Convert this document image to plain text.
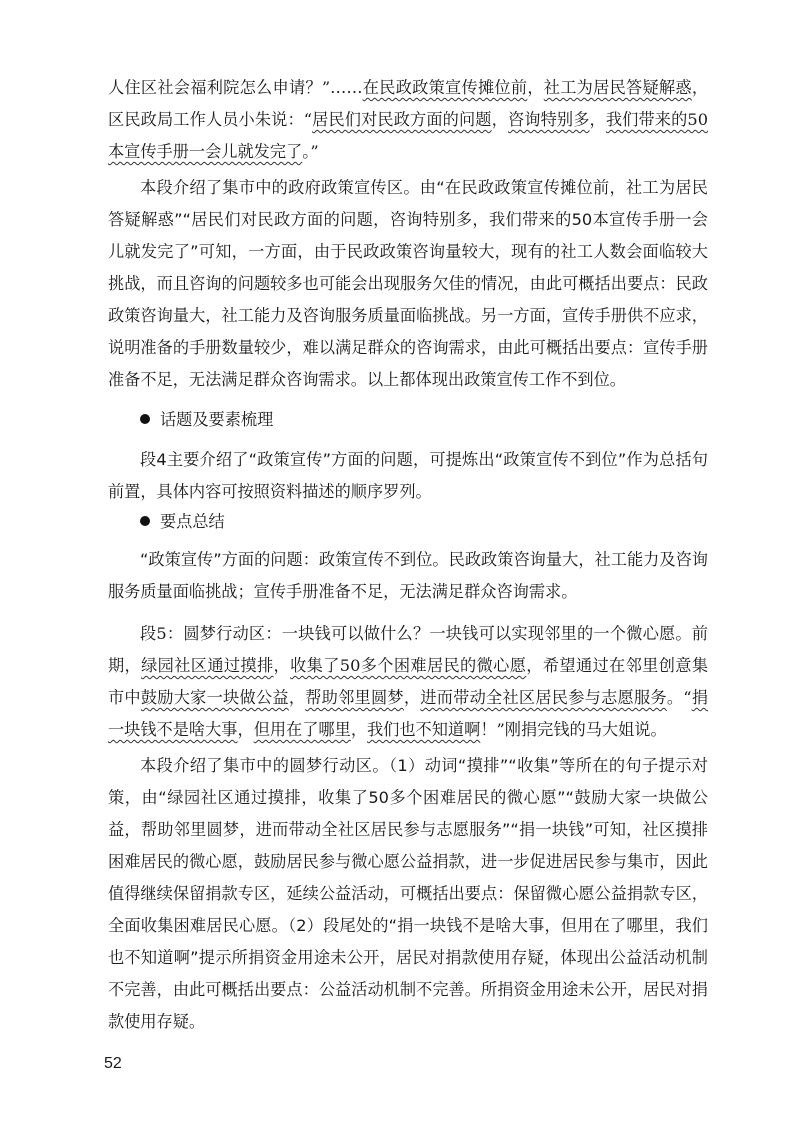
人住区社会福利院怎么申请？”……在民政政策宣传摊位前，社工为居民答疑解惑，区民政局工作人员小朱说：“居民们对民政方面的问题，咨询特别多，我们带来的50本宣传手册一会儿就发完了。”

本段介绍了集市中的政府政策宣传区。由“在民政政策宣传摊位前，社工为居民答疑解惑”“居民们对民政方面的问题，咨询特别多，我们带来的50本宣传手册一会儿就发完了”可知，一方面，由于民政政策咨询量较大，现有的社工人数会面临较大挑战，而且咨询的问题较多也可能会出现服务欠佳的情况，由此可概括出要点：民政政策咨询量大，社工能力及咨询服务质量面临挑战。另一方面，宣传手册供不应求，说明准备的手册数量较少，难以满足群众的咨询需求，由此可概括出要点：宣传手册准备不足，无法满足群众咨询需求。以上都体现出政策宣传工作不到位。

话题及要素梳理

段4主要介绍了“政策宣传”方面的问题，可提炼出“政策宣传不到位”作为总括句前置，具体内容可按照资料描述的顺序罗列。

要点总结

“政策宣传”方面的问题：政策宣传不到位。民政政策咨询量大，社工能力及咨询服务质量面临挑战；宣传手册准备不足，无法满足群众咨询需求。

段5：圆梦行动区：一块钱可以做什么？一块钱可以实现邻里的一个微心愿。前期，绿园社区通过摸排，收集了50多个困难居民的微心愿，希望通过在邻里创意集市中鼓励大家一块做公益，帮助邻里圆梦，进而带动全社区居民参与志愿服务。“捐一块钱不是啥大事，但用在了哪里，我们也不知道啊！”刚捐完钱的马大姐说。

本段介绍了集市中的圆梦行动区。（1）动词“摸排”“收集”等所在的句子提示对策，由“绿园社区通过摸排，收集了50多个困难居民的微心愿”“鼓励大家一块做公益，帮助邻里圆梦，进而带动全社区居民参与志愿服务”“捐一块钱”可知，社区摸排困难居民的微心愿，鼓励居民参与微心愿公益捐款，进一步促进居民参与集市，因此值得继续保留捐款专区，延续公益活动，可概括出要点：保留微心愿公益捐款专区，全面收集困难居民心愿。（2）段尾处的“捐一块钱不是啥大事，但用在了哪里，我们也不知道啊”提示所捐资金用途未公开，居民对捐款使用存疑，体现出公益活动机制不完善，由此可概括出要点：公益活动机制不完善。所捐资金用途未公开，居民对捐款使用存疑。

52
